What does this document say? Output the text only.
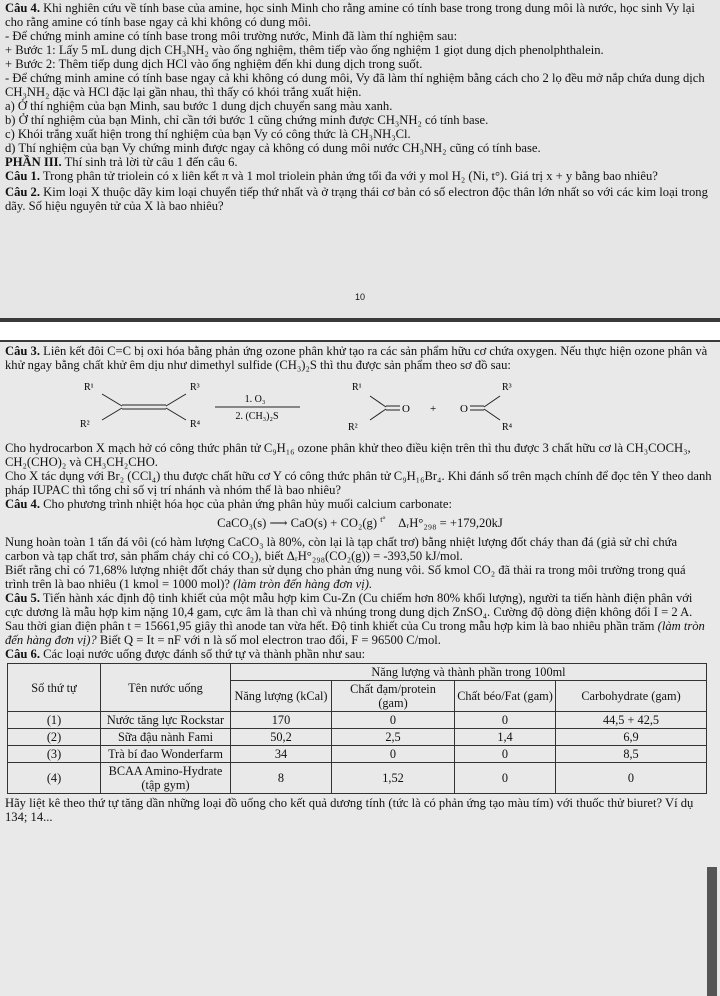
Câu 4. Khi nghiên cứu về tính base của amine, học sinh Minh cho rằng amine có tính base trong trong dung môi là nước, học sinh Vy lại cho rằng amine có tính base ngay cả khi không có dung môi.

- Để chứng minh amine có tính base trong môi trường nước, Minh đã làm thí nghiệm sau:

+ Bước 1: Lấy 5 mL dung dịch CH₃NH₂ vào ống nghiệm, thêm tiếp vào ống nghiệm 1 giọt dung dịch phenolphthalein.

+ Bước 2: Thêm tiếp dung dịch HCl vào ống nghiệm đến khi dung dịch trong suốt.

- Để chứng minh amine có tính base ngay cả khi không có dung môi, Vy đã làm thí nghiệm bằng cách cho 2 lọ đều mở nắp chứa dung dịch CH₃NH₂ đặc và HCl đặc lại gần nhau, thì thấy có khói trắng xuất hiện.

a) Ở thí nghiệm của bạn Minh, sau bước 1 dung dịch chuyển sang màu xanh.

b) Ở thí nghiệm của bạn Minh, chỉ cần tới bước 1 cũng chứng minh được CH₃NH₂ có tính base.

c) Khói trắng xuất hiện trong thí nghiệm của bạn Vy có công thức là CH₃NH₃Cl.

d) Thí nghiệm của bạn Vy chứng minh được ngay cả không có dung môi nước CH₃NH₂ cũng có tính base.

PHẦN III. Thí sinh trả lời từ câu 1 đến câu 6.

Câu 1. Trong phân tử triolein có x liên kết π và 1 mol triolein phản ứng tối đa với y mol H₂ (Ni, t°). Giá trị x + y bằng bao nhiêu?

Câu 2. Kim loại X thuộc dãy kim loại chuyển tiếp thứ nhất và ở trạng thái cơ bản có số electron độc thân lớn nhất so với các kim loại trong dãy. Số hiệu nguyên tử của X là bao nhiêu?

10

Câu 3. Liên kết đôi C=C bị oxi hóa bằng phản ứng ozone phân khử tạo ra các sản phẩm hữu cơ chứa oxygen. Nếu thực hiện ozone phân và khử ngay bằng chất khử êm dịu như dimethyl sulfide (CH₃)₂S thì thu được sản phẩm theo sơ đồ sau:

R¹
R²
R³
R⁴
1. O₃
2. (CH₃)₂S
R¹
R²
O + O
R³
R⁴

Cho hydrocarbon X mạch hở có công thức phân tử C₉H₁₆ ozone phân khử theo điều kiện trên thì thu được 3 chất hữu cơ là CH₃COCH₃, CH₂(CHO)₂ và CH₃CH₂CHO.

Cho X tác dụng với Br₂ (CCl₄) thu được chất hữu cơ Y có công thức phân tử C₉H₁₆Br₄. Khi đánh số trên mạch chính để đọc tên Y theo danh pháp IUPAC thì tổng chỉ số vị trí nhánh và nhóm thế là bao nhiêu?

Câu 4. Cho phương trình nhiệt hóa học của phản ứng phân hủy muối calcium carbonate:

CaCO₃(s) ⟶ CaO(s) + CO₂(g) $^{t^\circ}$ ΔᵣH°₂₉₈ = +179,20kJ

Nung hoàn toàn 1 tấn đá vôi (có hàm lượng CaCO₃ là 80%, còn lại là tạp chất trơ) bằng nhiệt lượng đốt cháy than đá (giả sử chỉ chứa carbon và tạp chất trơ, sản phẩm cháy chỉ có CO₂), biết ΔᵣH°₂₉₈(CO₂(g)) = -393,50 kJ/mol.

Biết rằng chỉ có 71,68% lượng nhiệt đốt cháy than sử dụng cho phản ứng nung vôi. Số kmol CO₂ đã thải ra trong môi trường trong quá trình trên là bao nhiêu (1 kmol = 1000 mol)? (làm tròn đến hàng đơn vị).

Câu 5. Tiến hành xác định độ tinh khiết của một mẫu hợp kim Cu-Zn (Cu chiếm hơn 80% khối lượng), người ta tiến hành điện phân với cực dương là mẫu hợp kim nặng 10,4 gam, cực âm là than chì và nhúng trong dung dịch ZnSO₄. Cường độ dòng điện không đổi I = 2 A. Sau thời gian điện phân t = 15661,95 giây thì anode tan vừa hết. Độ tinh khiết của Cu trong mẫu hợp kim là bao nhiêu phần trăm (làm tròn đến hàng đơn vị)? Biết Q = It = nF với n là số mol electron trao đổi, F = 96500 C/mol.

Câu 6. Các loại nước uống được đánh số thứ tự và thành phần như sau:

Số thứ tự	Tên nước uống	Năng lượng và thành phần trong 100ml			
		Năng lượng (kCal)	Chất đạm/protein (gam)	Chất béo/Fat (gam)	Carbohydrate (gam)
(1)	Nước tăng lực Rockstar	170	0	0	44,5 + 42,5
(2)	Sữa đậu nành Fami	50,2	2,5	1,4	6,9
(3)	Trà bí đao Wonderfarm	34	0	0	8,5
(4)	BCAA Amino-Hydrate (tập gym)	8	1,52	0	0

Hãy liệt kê theo thứ tự tăng dần những loại đồ uống cho kết quả dương tính (tức là có phản ứng tạo màu tím) với thuốc thử biuret? Ví dụ 134; 14...
